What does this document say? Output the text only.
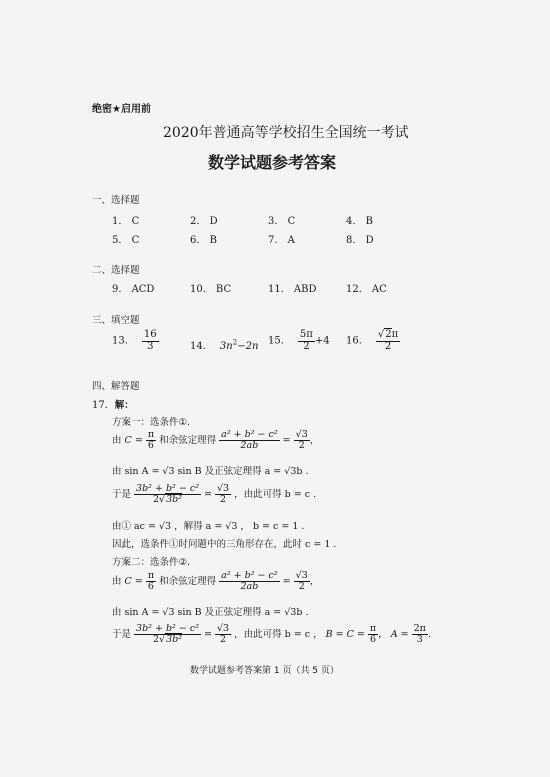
绝密★启用前
2020年普通高等学校招生全国统一考试
数学试题参考答案
一、选择题
1． C	2． D	3． C	4． B
5． C	6． B	7． A	8． D
二、选择题
9． ACD	10． BC	11． ABD	12． AC
三、填空题
13． $\frac{16}{3}$	14． $3n^2-2n$ 15． $\frac{5\pi}{2} +4$ 16． $\frac{√2\pi}{2}$
四、解答题
17．解：
方案一：选条件①.
由 $C = \frac{\pi}{6}$ 和余弦定理得 $\frac{\text{a² + b² − c²}}{2ab} = \frac{√3}{2}$ ，
由 sin A = √3 sin B 及正弦定理得 a = √3b .
于是 $\frac{\text{3b² + b² − c²}}{\text{2√3b²}} = \frac{√3}{2}$ ，由此可得 b = c .
由① ac = √3 ，解得 a = √3 ， b = c = 1 .
因此，选条件①时问题中的三角形存在，此时 c = 1 .
方案二：选条件②.
由 $C = \frac{\pi}{6}$ 和余弦定理得 $\frac{\text{a² + b² − c²}}{2ab} = \frac{√3}{2}$ ，
由 sin A = √3 sin B 及正弦定理得 a = √3b .
于是 $\frac{\text{3b² + b² − c²}}{\text{2√3b²}} = \frac{√3}{2}$ ，由此可得 b = c ， $B = C = \frac{\pi}{6}$ ， $A = \frac{2\pi}{3}$ .
数学试题参考答案第 1 页（共 5 页）
